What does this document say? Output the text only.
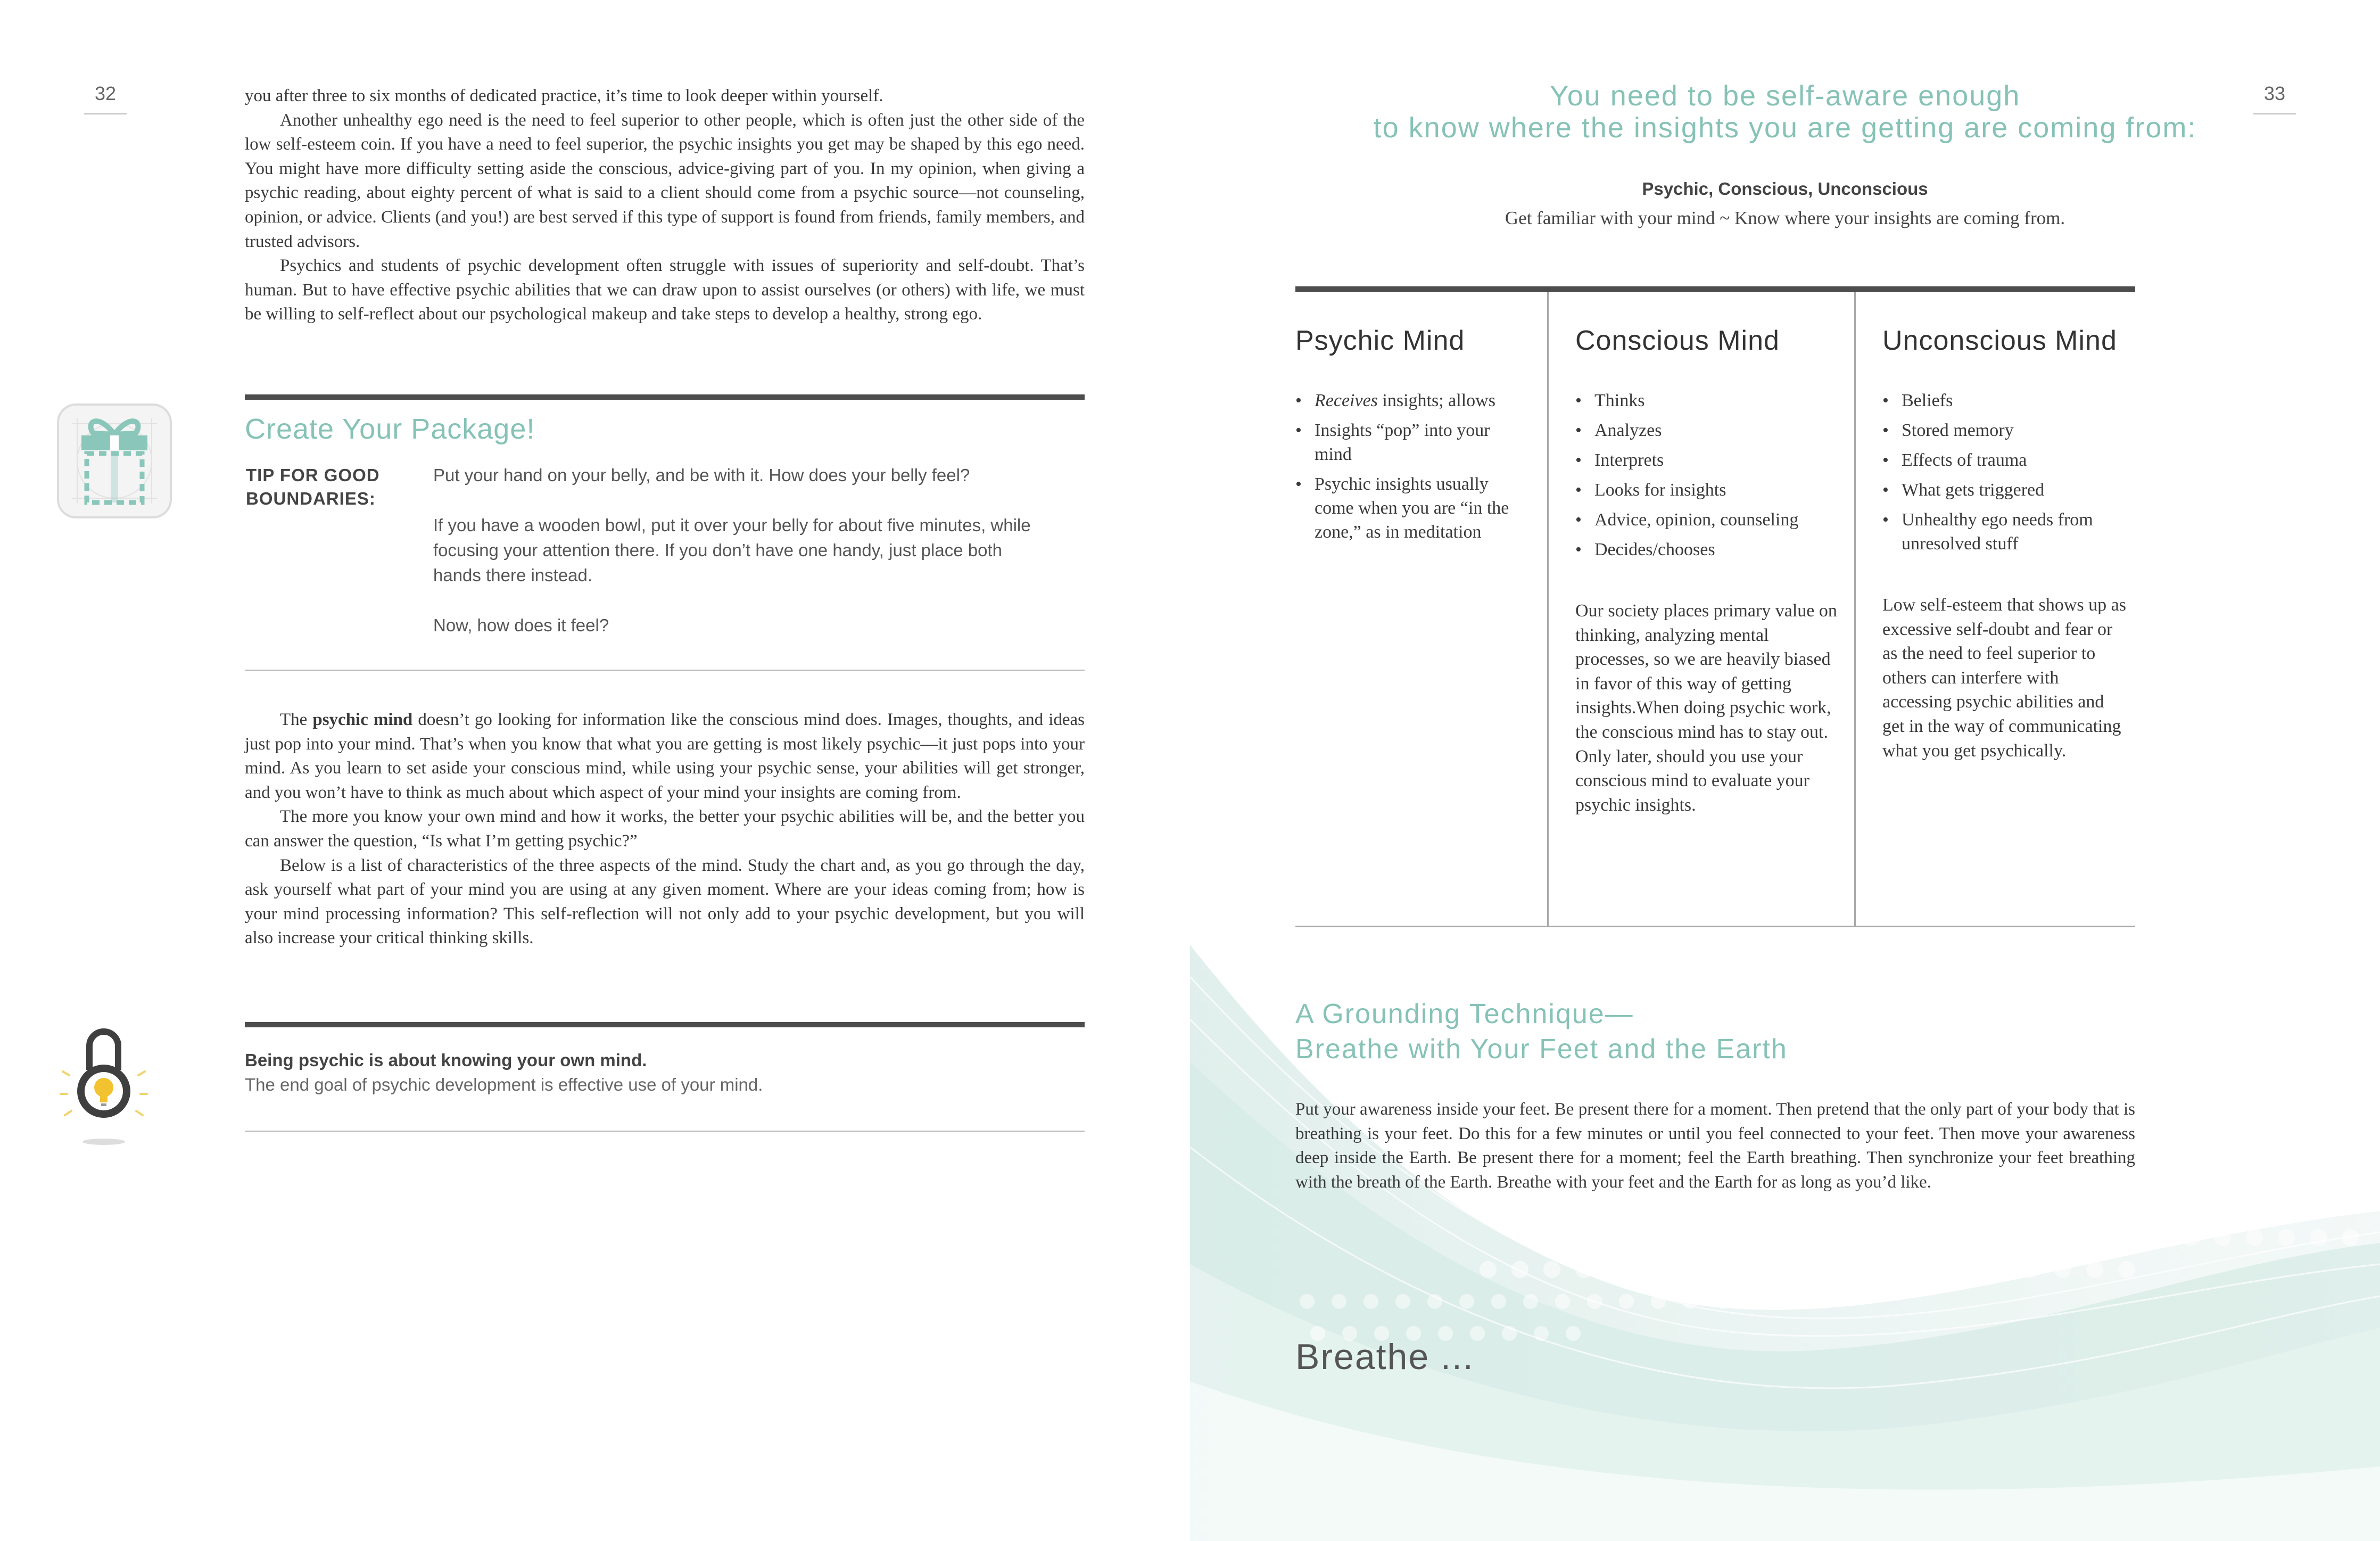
32	you after three to six months of dedicated practice, it’s time to look deeper within yourself.

Another unhealthy ego need is the need to feel superior to other people, which is often just the other side of the low self-esteem coin. If you have a need to feel superior, the psychic insights you get may be shaped by this ego need. You might have more difficulty setting aside the conscious, advice-giving part of you. In my opinion, when giving a psychic reading, about eighty percent of what is said to a client should come from a psychic source—not counseling, opinion, or advice. Clients (and you!) are best served if this type of support is found from friends, family members, and trusted advisors.

Psychics and students of psychic development often struggle with issues of superiority and self-doubt. That’s human. But to have effective psychic abilities that we can draw upon to assist ourselves (or others) with life, we must be willing to self-reflect about our psychological makeup and take steps to develop a healthy, strong ego.

Create Your Package!
TIP FOR GOOD
BOUNDARIES:

Put your hand on your belly, and be with it. How does your belly feel?

If you have a wooden bowl, put it over your belly for about five minutes, while focusing your attention there. If you don’t have one handy, just place both hands there instead.

Now, how does it feel?

The psychic mind doesn’t go looking for information like the conscious mind does. Images, thoughts, and ideas just pop into your mind. That’s when you know that what you are getting is most likely psychic—it just pops into your mind. As you learn to set aside your conscious mind, while using your psychic sense, your abilities will get stronger, and you won’t have to think as much about which aspect of your mind your insights are coming from.

The more you know your own mind and how it works, the better your psychic abilities will be, and the better you can answer the question, “Is what I’m getting psychic?”

Below is a list of characteristics of the three aspects of the mind. Study the chart and, as you go through the day, ask yourself what part of your mind you are using at any given moment. Where are your ideas coming from; how is your mind processing information? This self-reflection will not only add to your psychic development, but you will also increase your critical thinking skills.

Being psychic is about knowing your own mind.
The end goal of psychic development is effective use of your mind.
33
You need to be self-aware enough
to know where the insights you are getting are coming from:
Psychic, Conscious, Unconscious
Get familiar with your mind ~ Know where your insights are coming from.
Psychic Mind
• Receives insights; allows
• Insights “pop” into your mind
• Psychic insights usually come when you are “in the zone,” as in meditation
Conscious Mind
• Thinks
• Analyzes
• Interprets
• Looks for insights
• Advice, opinion, counseling
• Decides/chooses
Our society places primary value on thinking, analyzing mental processes, so we are heavily biased in favor of this way of getting insights.When doing psychic work, the conscious mind has to stay out. Only later, should you use your conscious mind to evaluate your psychic insights.
Unconscious Mind
• Beliefs
• Stored memory
• Effects of trauma
• What gets triggered
• Unhealthy ego needs from unresolved stuff
Low self-esteem that shows up as excessive self-doubt and fear or as the need to feel superior to others can interfere with accessing psychic abilities and get in the way of communicating what you get psychically.
A Grounding Technique—
Breathe with Your Feet and the Earth

Put your awareness inside your feet. Be present there for a moment. Then pretend that the only part of your body that is breathing is your feet. Do this for a few minutes or until you feel connected to your feet. Then move your awareness deep inside the Earth. Be present there for a moment; feel the Earth breathing. Then synchronize your feet breathing with the breath of the Earth. Breathe with your feet and the Earth for as long as you’d like.

Breathe ...
